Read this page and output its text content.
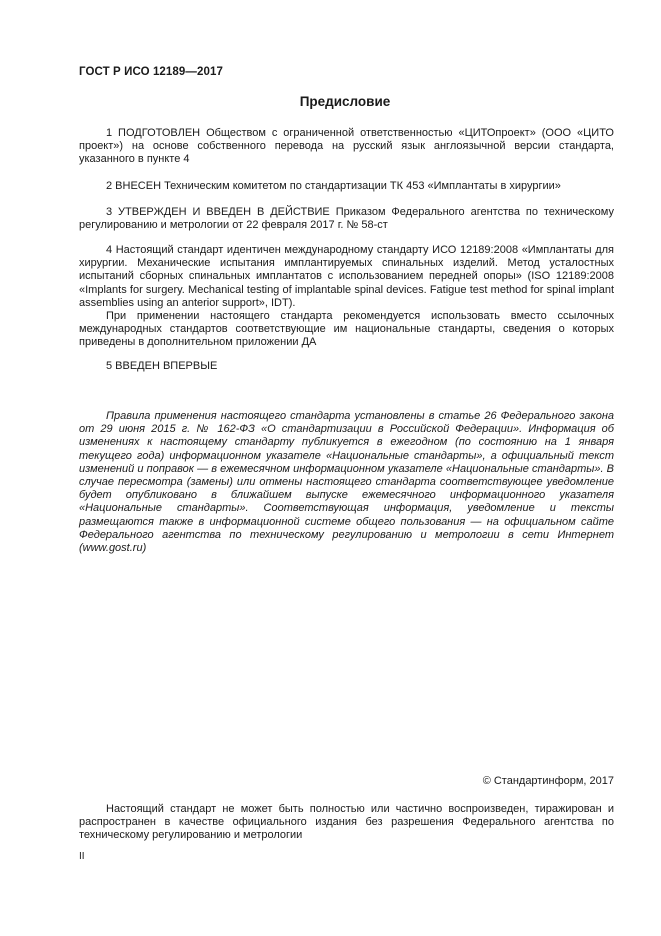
ГОСТ Р ИСО 12189—2017
Предисловие

1 ПОДГОТОВЛЕН Обществом с ограниченной ответственностью «ЦИТОпроект» (ООО «ЦИТО проект») на основе собственного перевода на русский язык англоязычной версии стандарта, указанного в пункте 4

2 ВНЕСЕН Техническим комитетом по стандартизации ТК 453 «Имплантаты в хирургии»

3 УТВЕРЖДЕН И ВВЕДЕН В ДЕЙСТВИЕ Приказом Федерального агентства по техническому регулированию и метрологии от 22 февраля 2017 г. № 58-ст

4 Настоящий стандарт идентичен международному стандарту ИСО 12189:2008 «Имплантаты для хирургии. Механические испытания имплантируемых спинальных изделий. Метод усталостных испытаний сборных спинальных имплантатов с использованием передней опоры» (ISO 12189:2008 «Implants for surgery. Mechanical testing of implantable spinal devices. Fatigue test method for spinal implant assemblies using an anterior support», IDT).

При применении настоящего стандарта рекомендуется использовать вместо ссылочных международных стандартов соответствующие им национальные стандарты, сведения о которых приведены в дополнительном приложении ДА

5 ВВЕДЕН ВПЕРВЫЕ

Правила применения настоящего стандарта установлены в статье 26 Федерального закона от 29 июня 2015 г. № 162-ФЗ «О стандартизации в Российской Федерации». Информация об изменениях к настоящему стандарту публикуется в ежегодном (по состоянию на 1 января текущего года) информационном указателе «Национальные стандарты», а официальный текст изменений и поправок — в ежемесячном информационном указателе «Национальные стандарты». В случае пересмотра (замены) или отмены настоящего стандарта соответствующее уведомление будет опубликовано в ближайшем выпуске ежемесячного информационного указателя «Национальные стандарты». Соответствующая информация, уведомление и тексты размещаются также в информационной системе общего пользования — на официальном сайте Федерального агентства по техническому регулированию и метрологии в сети Интернет (www.gost.ru)

© Стандартинформ, 2017

Настоящий стандарт не может быть полностью или частично воспроизведен, тиражирован и распространен в качестве официального издания без разрешения Федерального агентства по техническому регулированию и метрологии

II
